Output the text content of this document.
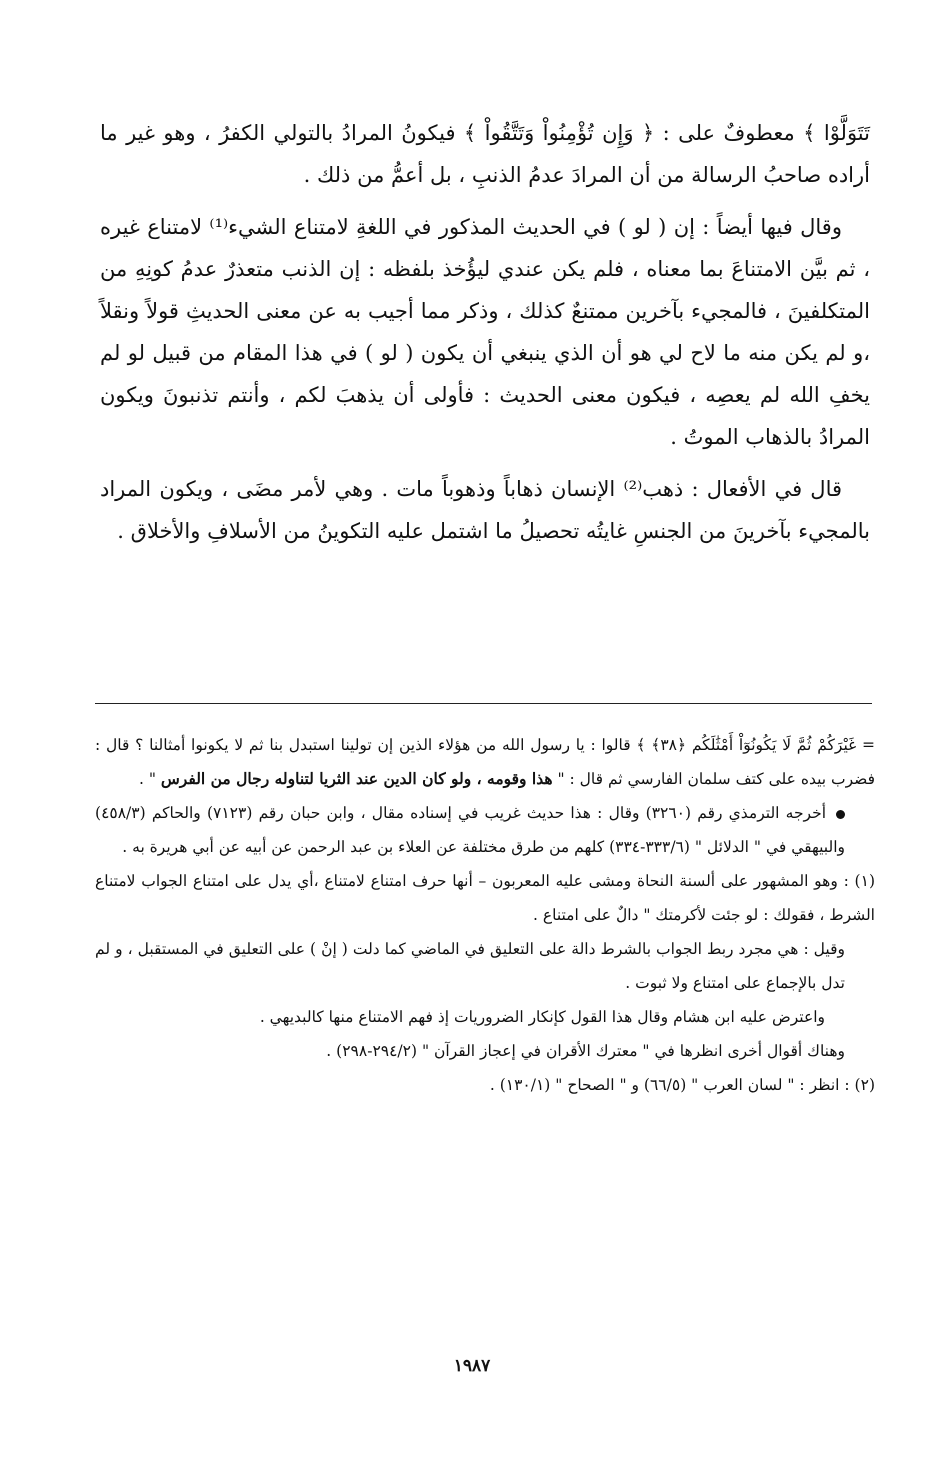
تَتَوَلَّوْا ﴾ معطوفٌ على : ﴿ وَإِن تُؤْمِنُواْ وَتَتَّقُواْ ﴾ فيكونُ المرادُ بالتولي الكفرُ ، وهو غير ما أراده صاحبُ الرسالة من أن المرادَ عدمُ الذنبِ ، بل أعمُّ من ذلك .

وقال فيها أيضاً : إن ( لو ) في الحديث المذكور في اللغةِ لامتناع الشيء⁽¹⁾ لامتناع غيره ، ثم بيَّن الامتناعَ بما معناه ، فلم يكن عندي ليؤُخذ بلفظه : إن الذنب متعذرٌ عدمُ كونِهِ من المتكلفينَ ، فالمجيء بآخرين ممتنعٌ كذلك ، وذكر مما أجيب به عن معنى الحديثِ قولاً ونقلاً ،و لم يكن منه ما لاح لي هو أن الذي ينبغي أن يكون ( لو ) في هذا المقام من قبيل لو لم يخفِ الله لم يعصِه ، فيكون معنى الحديث : فأولى أن يذهبَ لكم ، وأنتم تذنبونَ ويكون المرادُ بالذهاب الموتُ .

قال في الأفعال : ذهب⁽²⁾ الإنسان ذهاباً وذهوباً مات . وهي لأمر مضَى ، ويكون المراد بالمجيء بآخرينَ من الجنسِ غايتُه تحصيلُ ما اشتمل عليه التكوينُ من الأسلافِ والأخلاق .

= غَيْرَكُمْ ثُمَّ لَا يَكُونُوٓاْ أَمْثَٰلَكُم ﴿٣٨﴾ ﴾ قالوا : يا رسول الله من هؤلاء الذين إن تولينا استبدل بنا ثم لا يكونوا أمثالنا ؟ قال : فضرب بيده على كتف سلمان الفارسي ثم قال : " هذا وقومه ، ولو كان الدين عند الثريا لتناوله رجال من الفرس " .

أخرجه الترمذي رقم (٣٢٦٠) وقال : هذا حديث غريب في إسناده مقال ، وابن حبان رقم (٧١٢٣) والحاكم (٤٥٨/٣) والبيهقي في " الدلائل " (٣٣٣/٦-٣٣٤) كلهم من طرق مختلفة عن العلاء بن عبد الرحمن عن أبيه عن أبي هريرة به .

(١) : وهو المشهور على ألسنة النحاة ومشى عليه المعربون – أنها حرف امتناع لامتناع ،أي يدل على امتناع الجواب لامتناع الشرط ، فقولك : لو جئت لأكرمتك " دالٌ على امتناع .

وقيل : هي مجرد ربط الجواب بالشرط دالة على التعليق في الماضي كما دلت ( إنْ ) على التعليق في المستقبل ، و لم تدل بالإجماع على امتناع ولا ثبوت .

واعترض عليه ابن هشام وقال هذا القول كإنكار الضروريات إذ فهم الامتناع منها كالبديهي .

وهناك أقوال أخرى انظرها في " معترك الأقران في إعجاز القرآن " (٢٩٤/٢-٢٩٨) .

(٢) : انظر : " لسان العرب " (٦٦/٥) و " الصحاح " (١٣٠/١) .

١٩٨٧
